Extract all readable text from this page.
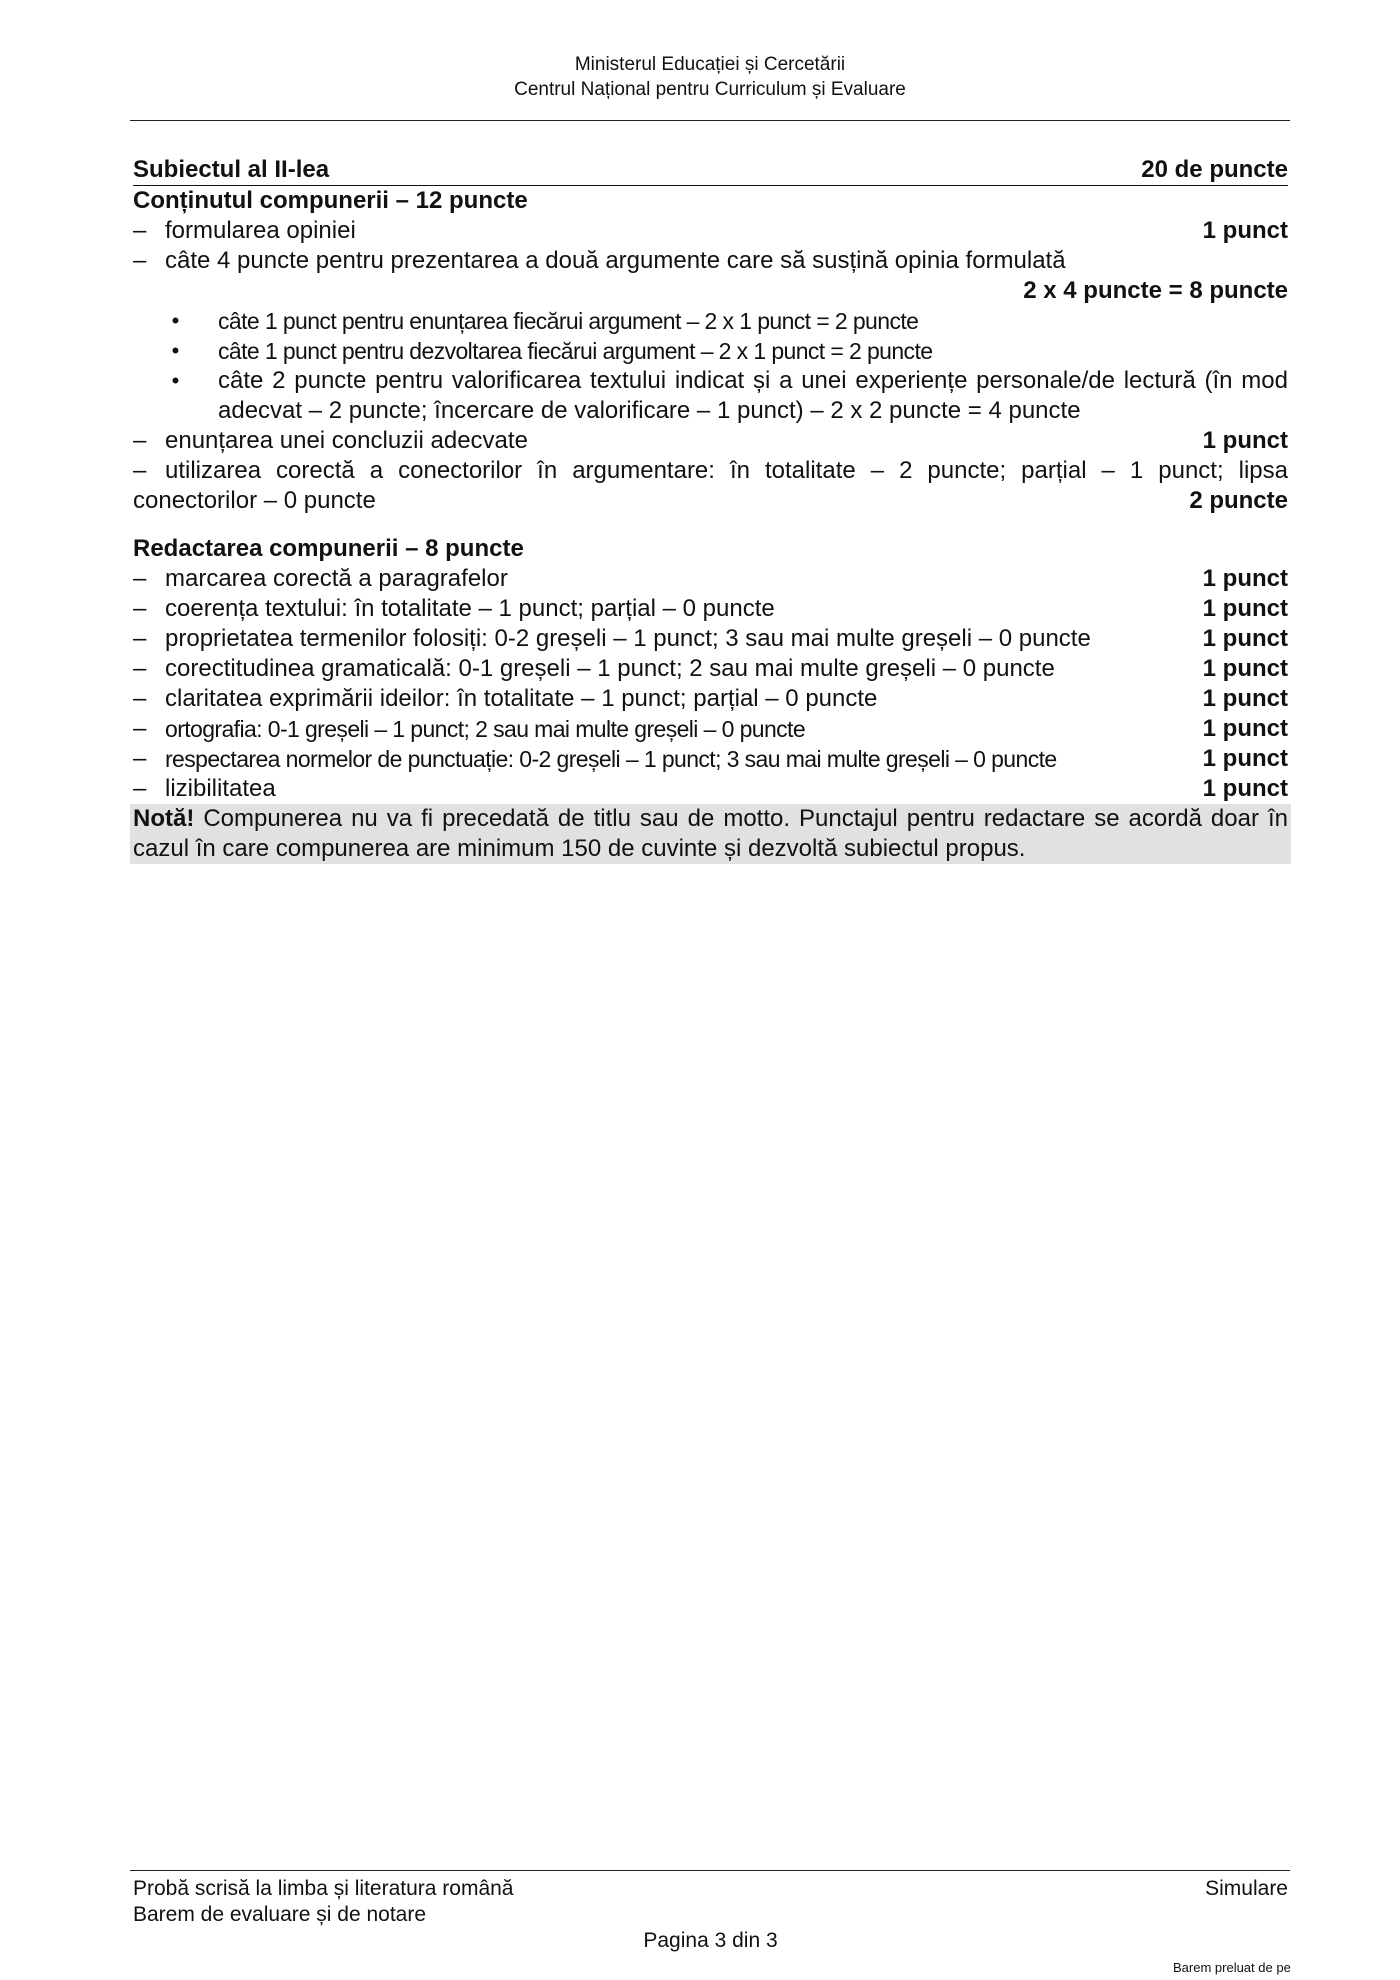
Ministerul Educației și Cercetării
Centrul Național pentru Curriculum și Evaluare
Subiectul al II-lea	20 de puncte
Conținutul compunerii – 12 puncte
– formularea opiniei	1 punct
– câte 4 puncte pentru prezentarea a două argumente care să susțină opinia formulată
2 x 4 puncte = 8 puncte
•	câte 1 punct pentru enunțarea fiecărui argument – 2 x 1 punct = 2 puncte
•	câte 1 punct pentru dezvoltarea fiecărui argument – 2 x 1 punct = 2 puncte
•	câte 2 puncte pentru valorificarea textului indicat și a unei experiențe personale/de lectură (în mod adecvat – 2 puncte; încercare de valorificare – 1 punct) – 2 x 2 puncte = 4 puncte
– enunțarea unei concluzii adecvate	1 punct
– utilizarea corectă a conectorilor în argumentare: în totalitate – 2 puncte; parțial – 1 punct; lipsa conectorilor – 0 puncte	2 puncte
Redactarea compunerii – 8 puncte
– marcarea corectă a paragrafelor	1 punct
– coerența textului: în totalitate – 1 punct; parțial – 0 puncte	1 punct
– proprietatea termenilor folosiți: 0-2 greșeli – 1 punct; 3 sau mai multe greșeli – 0 puncte	1 punct
– corectitudinea gramaticală: 0-1 greșeli – 1 punct; 2 sau mai multe greșeli – 0 puncte	1 punct
– claritatea exprimării ideilor: în totalitate – 1 punct; parțial – 0 puncte	1 punct
– ortografia: 0-1 greșeli – 1 punct; 2 sau mai multe greșeli – 0 puncte	1 punct
– respectarea normelor de punctuație: 0-2 greșeli – 1 punct; 3 sau mai multe greșeli – 0 puncte	1 punct
– lizibilitatea	1 punct
Notă! Compunerea nu va fi precedată de titlu sau de motto. Punctajul pentru redactare se acordă doar în cazul în care compunerea are minimum 150 de cuvinte și dezvoltă subiectul propus.
Probă scrisă la limba și literatura română	Simulare
Barem de evaluare și de notare
Pagina 3 din 3
Barem preluat de pe
